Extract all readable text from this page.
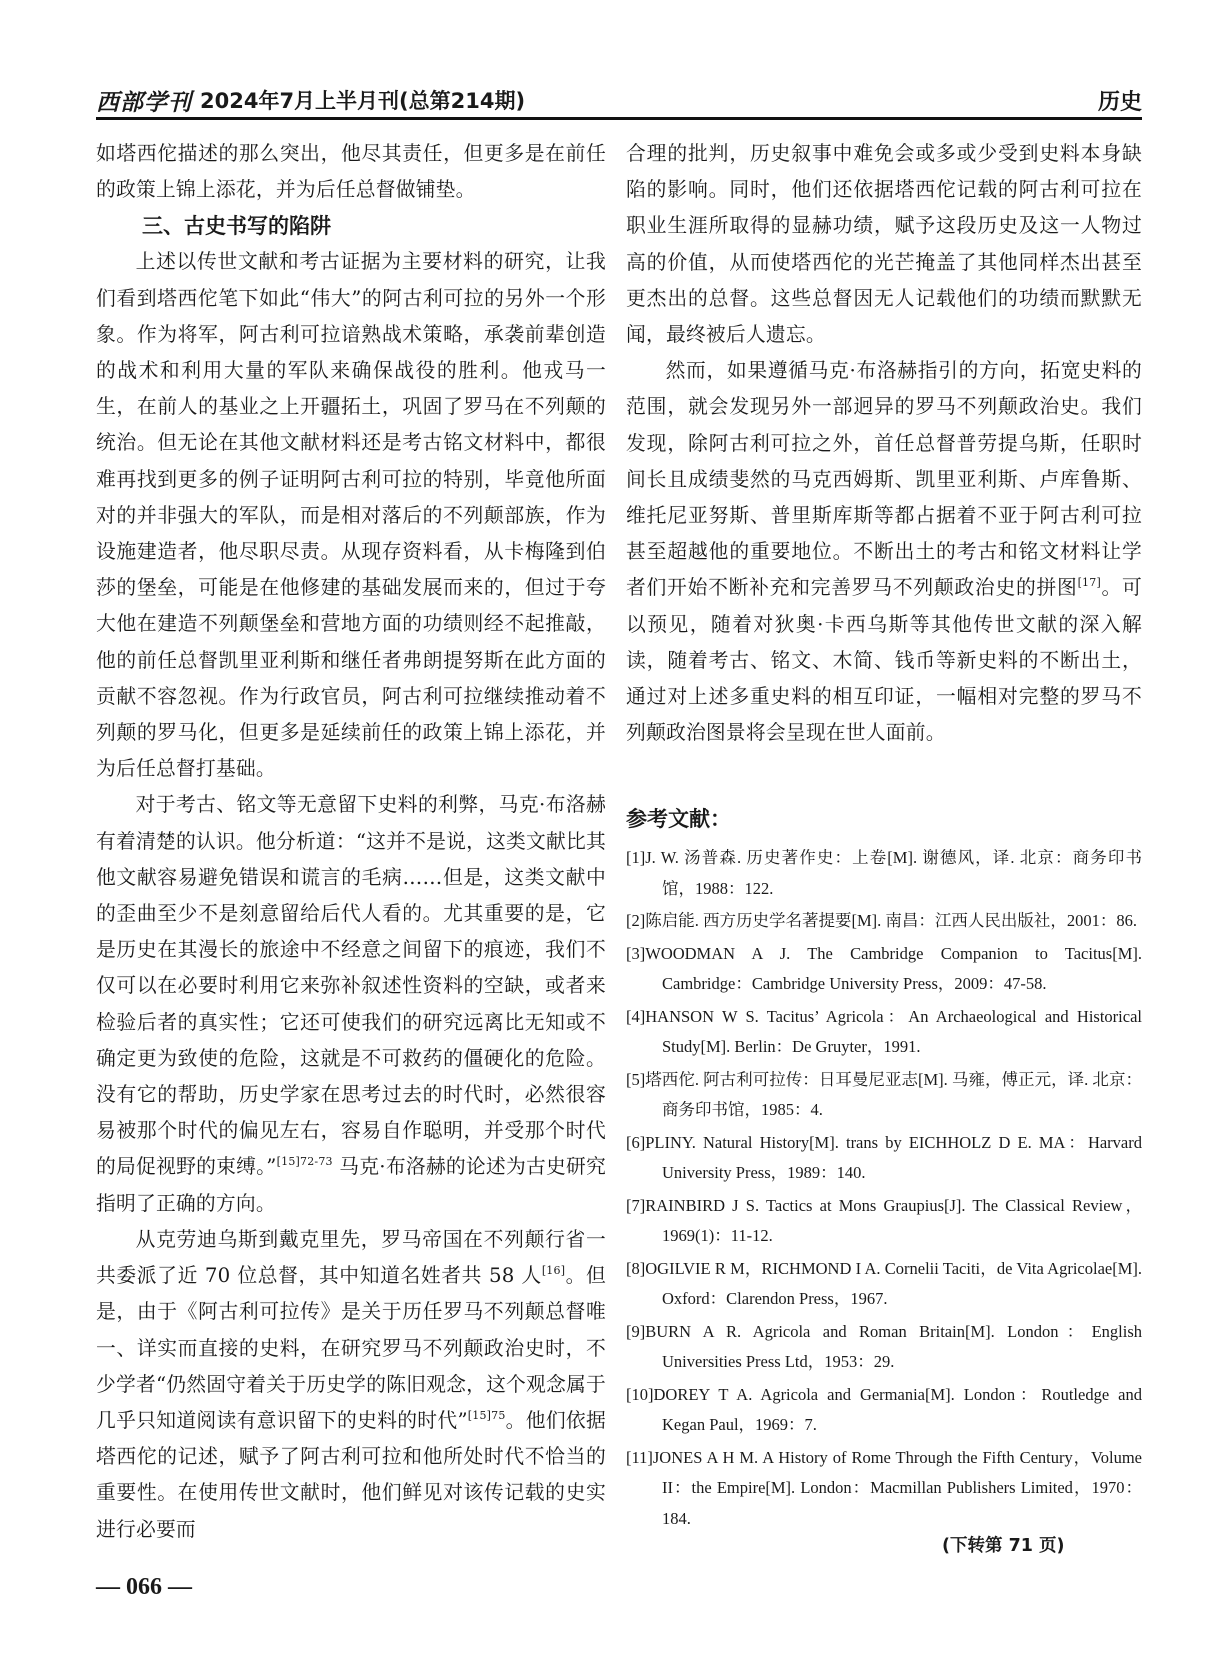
西部学刊 2024年7月上半月刊(总第214期)	历史

如塔西佗描述的那么突出，他尽其责任，但更多是在前任的政策上锦上添花，并为后任总督做铺垫。

三、古史书写的陷阱

上述以传世文献和考古证据为主要材料的研究，让我们看到塔西佗笔下如此“伟大”的阿古利可拉的另外一个形象。作为将军，阿古利可拉谙熟战术策略，承袭前辈创造的战术和利用大量的军队来确保战役的胜利。他戎马一生，在前人的基业之上开疆拓土，巩固了罗马在不列颠的统治。但无论在其他文献材料还是考古铭文材料中，都很难再找到更多的例子证明阿古利可拉的特别，毕竟他所面对的并非强大的军队，而是相对落后的不列颠部族，作为设施建造者，他尽职尽责。从现存资料看，从卡梅隆到伯莎的堡垒，可能是在他修建的基础发展而来的，但过于夸大他在建造不列颠堡垒和营地方面的功绩则经不起推敲，他的前任总督凯里亚利斯和继任者弗朗提努斯在此方面的贡献不容忽视。作为行政官员，阿古利可拉继续推动着不列颠的罗马化，但更多是延续前任的政策上锦上添花，并为后任总督打基础。

对于考古、铭文等无意留下史料的利弊，马克·布洛赫有着清楚的认识。他分析道：“这并不是说，这类文献比其他文献容易避免错误和谎言的毛病……但是，这类文献中的歪曲至少不是刻意留给后代人看的。尤其重要的是，它是历史在其漫长的旅途中不经意之间留下的痕迹，我们不仅可以在必要时利用它来弥补叙述性资料的空缺，或者来检验后者的真实性；它还可使我们的研究远离比无知或不确定更为致使的危险，这就是不可救药的僵硬化的危险。没有它的帮助，历史学家在思考过去的时代时，必然很容易被那个时代的偏见左右，容易自作聪明，并受那个时代的局促视野的束缚。”$^{[15]72-73}$ 马克·布洛赫的论述为古史研究指明了正确的方向。

从克劳迪乌斯到戴克里先，罗马帝国在不列颠行省一共委派了近 70 位总督，其中知道名姓者共 58 人[16]。但是，由于《阿古利可拉传》是关于历任罗马不列颠总督唯一、详实而直接的史料，在研究罗马不列颠政治史时，不少学者“仍然固守着关于历史学的陈旧观念，这个观念属于几乎只知道阅读有意识留下的史料的时代”$^{[15]75}$。他们依据塔西佗的记述，赋予了阿古利可拉和他所处时代不恰当的重要性。在使用传世文献时，他们鲜见对该传记载的史实进行必要而

合理的批判，历史叙事中难免会或多或少受到史料本身缺陷的影响。同时，他们还依据塔西佗记载的阿古利可拉在职业生涯所取得的显赫功绩，赋予这段历史及这一人物过高的价值，从而使塔西佗的光芒掩盖了其他同样杰出甚至更杰出的总督。这些总督因无人记载他们的功绩而默默无闻，最终被后人遗忘。

然而，如果遵循马克·布洛赫指引的方向，拓宽史料的范围，就会发现另外一部迥异的罗马不列颠政治史。我们发现，除阿古利可拉之外，首任总督普劳提乌斯，任职时间长且成绩斐然的马克西姆斯、凯里亚利斯、卢库鲁斯、维托尼亚努斯、普里斯库斯等都占据着不亚于阿古利可拉甚至超越他的重要地位。不断出土的考古和铭文材料让学者们开始不断补充和完善罗马不列颠政治史的拼图[17]。可以预见，随着对狄奥·卡西乌斯等其他传世文献的深入解读，随着考古、铭文、木简、钱币等新史料的不断出土，通过对上述多重史料的相互印证，一幅相对完整的罗马不列颠政治图景将会呈现在世人面前。

参考文献：
[1]J. W. 汤普森. 历史著作史：上卷[M]. 谢德风，译. 北京：商务印书馆，1988：122.
[2]陈启能. 西方历史学名著提要[M]. 南昌：江西人民出版社，2001：86.
[3]WOODMAN A J. The Cambridge Companion to Tacitus[M]. Cambridge：Cambridge University Press，2009：47-58.
[4]HANSON W S. Tacitus’ Agricola：An Archaeological and Historical Study[M]. Berlin：De Gruyter，1991.
[5]塔西佗. 阿古利可拉传：日耳曼尼亚志[M]. 马雍，傅正元，译. 北京：商务印书馆，1985：4.
[6]PLINY. Natural History[M]. trans by EICHHOLZ D E. MA：Harvard University Press，1989：140.
[7]RAINBIRD J S. Tactics at Mons Graupius[J]. The Classical Review，1969(1)：11-12.
[8]OGILVIE R M，RICHMOND I A. Cornelii Taciti，de Vita Agricolae[M]. Oxford：Clarendon Press，1967.
[9]BURN A R. Agricola and Roman Britain[M]. London：English Universities Press Ltd，1953：29.
[10]DOREY T A. Agricola and Germania[M]. London：Routledge and Kegan Paul，1969：7.
[11]JONES A H M. A History of Rome Through the Fifth Century，Volume II：the Empire[M]. London：Macmillan Publishers Limited，1970：184.
(下转第 71 页)
— 066 —
